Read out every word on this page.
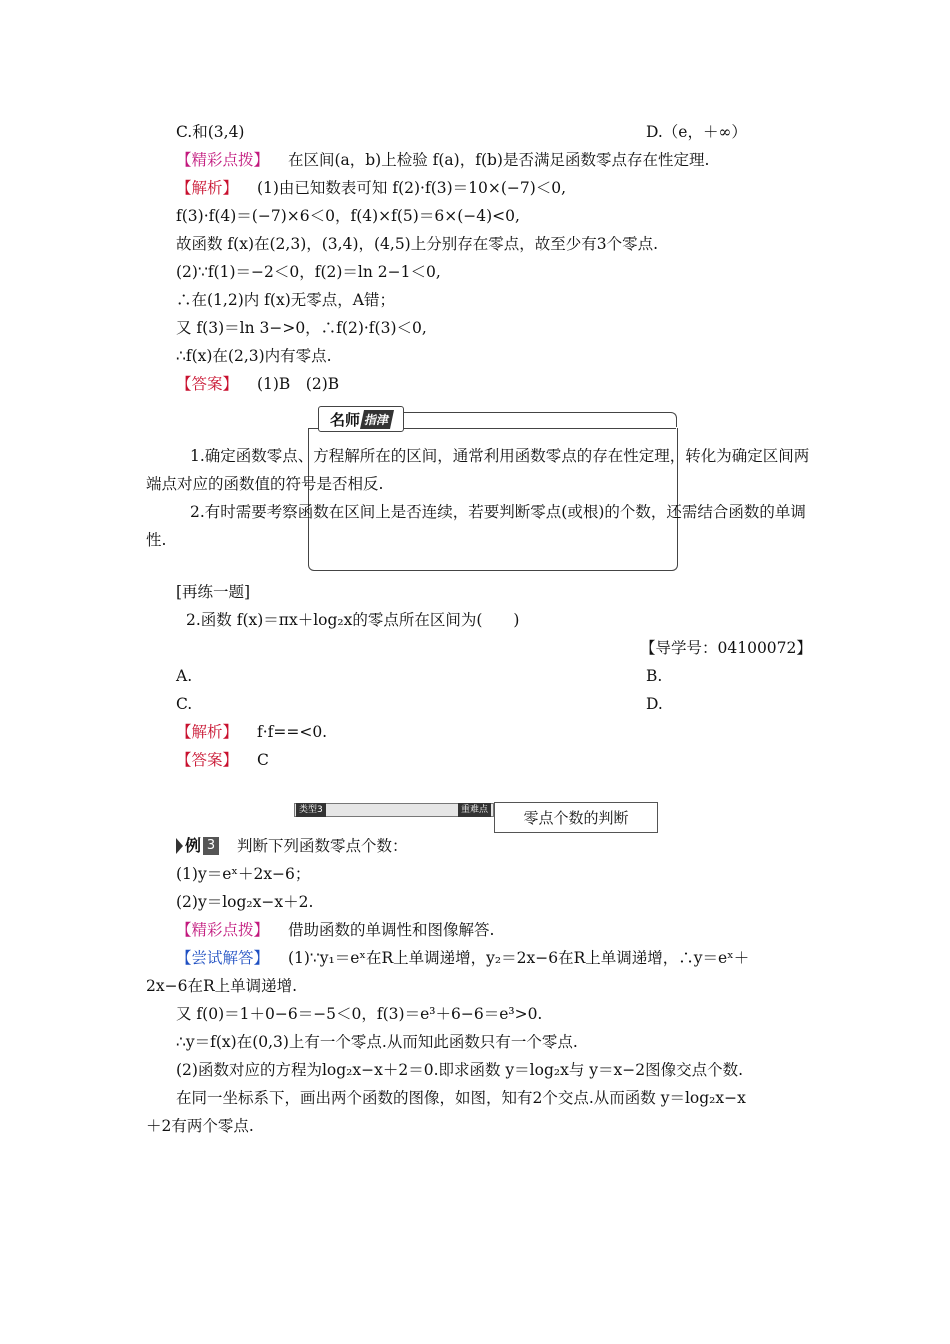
C.和(3,4)	D.（e，＋∞）
【精彩点拨】 在区间(a，b)上检验 f(a)，f(b)是否满足函数零点存在性定理.
【解析】 (1)由已知数表可知 f(2)·f(3)＝10×(−7)＜0,
f(3)·f(4)＝(−7)×6＜0，f(4)×f(5)＝6×(−4)<0,
故函数 f(x)在(2,3)，(3,4)，(4,5)上分别存在零点，故至少有3个零点.
(2)∵f(1)＝−2＜0，f(2)＝ln 2−1＜0,
∴在(1,2)内 f(x)无零点，A错；
又 f(3)＝ln 3−>0，∴f(2)·f(3)＜0,
∴f(x)在(2,3)内有零点.
【答案】 (1)B　(2)B
名师 指津
1.确定函数零点、方程解所在的区间，通常利用函数零点的存在性定理，转化为确定区间两端点对应的函数值的符号是否相反.
2.有时需要考察函数在区间上是否连续，若要判断零点(或根)的个数，还需结合函数的单调性.
[再练一题]
2.函数 f(x)＝πx＋log₂x的零点所在区间为(　　)
【导学号：04100072】
A.	B.
C.	D.
【解析】 f·f==<0.
【答案】 C
类型3	重难点	零点个数的判断
例 3 判断下列函数零点个数：
(1)y＝eˣ＋2x−6；
(2)y＝log₂x−x＋2.
【精彩点拨】 借助函数的单调性和图像解答.
【尝试解答】 (1)∵y₁＝eˣ在R上单调递增，y₂＝2x−6在R上单调递增，∴y＝eˣ＋
2x−6在R上单调递增.
又 f(0)＝1＋0−6＝−5＜0，f(3)＝e³＋6−6＝e³>0.
∴y＝f(x)在(0,3)上有一个零点.从而知此函数只有一个零点.
(2)函数对应的方程为log₂x−x＋2＝0.即求函数 y＝log₂x与 y＝x−2图像交点个数.
在同一坐标系下，画出两个函数的图像，如图，知有2个交点.从而函数 y＝log₂x−x
＋2有两个零点.
